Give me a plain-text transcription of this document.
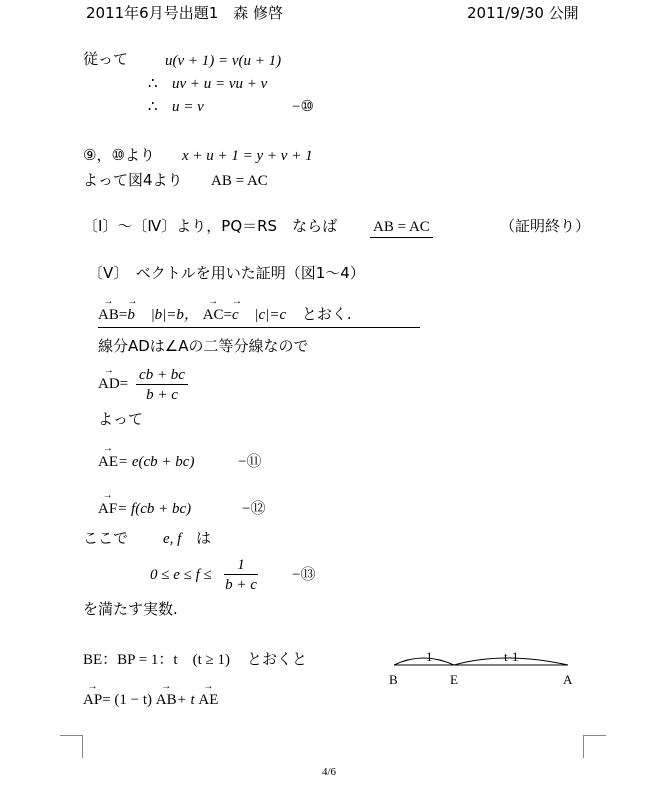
2011年6月号出題1　森 修啓	2011/9/30 公開
従って u(v + 1) = v(u + 1)
∴ uv + u = vu + v
∴ u = v	−⑩
⑨，⑩より x + u + 1 = y + v + 1
よって図4より AB = AC
〔Ⅰ〕〜〔Ⅳ〕より，PQ＝RS　ならば AB = AC	（証明終り）
〔Ⅴ〕　ベクトルを用いた証明（図1〜4）
→ AB=→ b |b|=b， → AC=→ c |c|=c とおく.
線分ADは∠Aの二等分線なので
→ $AD= \frac{cb + bc}{b + c}$
よって
→ AE= e(cb + bc)	−⑪
→ AF= f(cb + bc)	−⑫
ここで e, f は
$0 \le e \le f \le \frac{1}{b + c}$ −⑬
を満たす実数.
BE：BP = 1：t　(t ≥ 1) とおくと
→ AP= (1 − t) → AB+ t → AE
1	t-1
B	E	A
4/6
